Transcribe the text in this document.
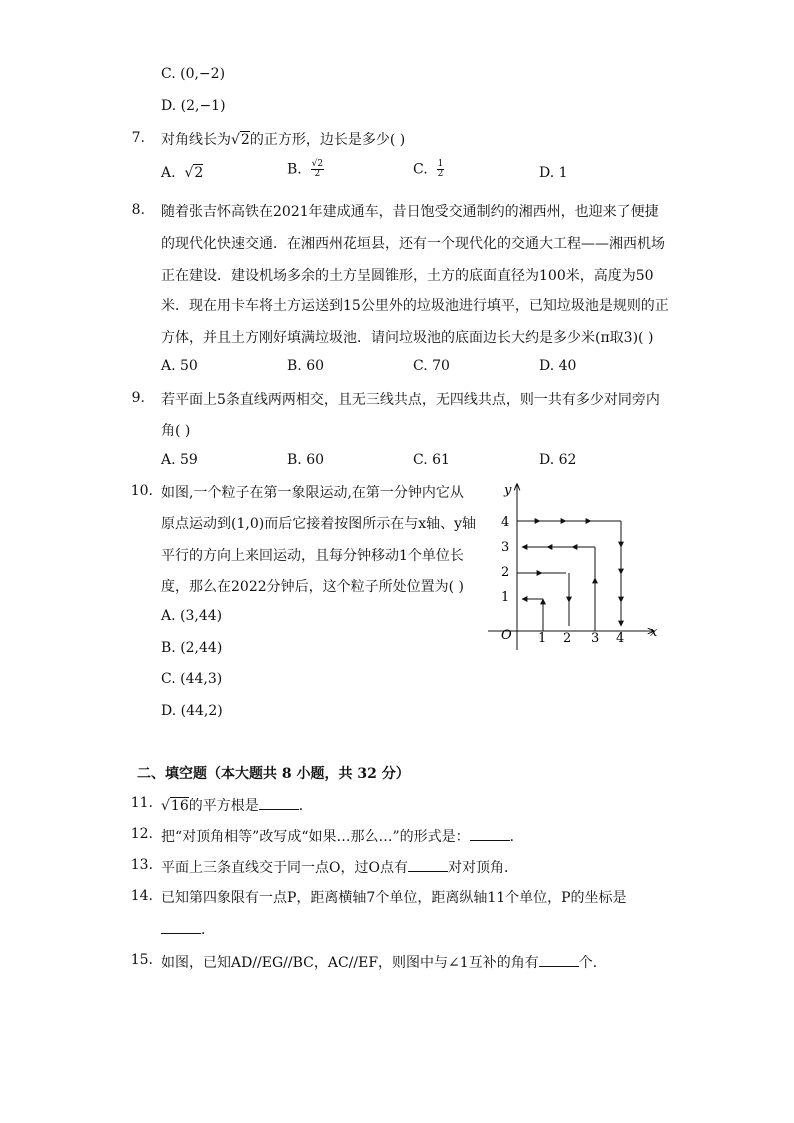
C. (0,−2)
D. (2,−1)
7. 对角线长为√2的正方形，边长是多少( )
A.  √2	B. $\frac{√2}{2}$	C. $\frac{1}{2}$	D. 1
8. 随着张吉怀高铁在2021年建成通车，昔日饱受交通制约的湘西州，也迎来了便捷
的现代化快速交通．在湘西州花垣县，还有一个现代化的交通大工程——湘西机场
正在建设．建设机场多余的土方呈圆锥形，土方的底面直径为100米，高度为50
米．现在用卡车将土方运送到15公里外的垃圾池进行填平，已知垃圾池是规则的正
方体，并且土方刚好填满垃圾池．请问垃圾池的底面边长大约是多少米(π取3)( )
A. 50	B. 60	C. 70	D. 40
9. 若平面上5条直线两两相交，且无三线共点，无四线共点，则一共有多少对同旁内
角( )
A. 59	B. 60	C. 61	D. 62
10. 如图,一个粒子在第一象限运动,在第一分钟内它从
原点运动到(1,0)而后它接着按图所示在与x轴、y轴
平行的方向上来回运动，且每分钟移动1个单位长
度，那么在2022分钟后，这个粒子所处位置为( )
A. (3,44)
B. (2,44)
C. (44,3)
D. (44,2)
x
y
O 1 2 3 4
1
2
3
4
二、填空题（本大题共 8 小题，共 32 分）
11. √16的平方根是	．
12. 把“对顶角相等”改写成“如果…那么…”的形式是：	．
13. 平面上三条直线交于同一点O，过O点有	对对顶角．
14. 已知第四象限有一点P，距离横轴7个单位，距离纵轴11个单位，P的坐标是
．
15. 如图，已知AD//EG//BC，AC//EF，则图中与∠1互补的角有	个．
